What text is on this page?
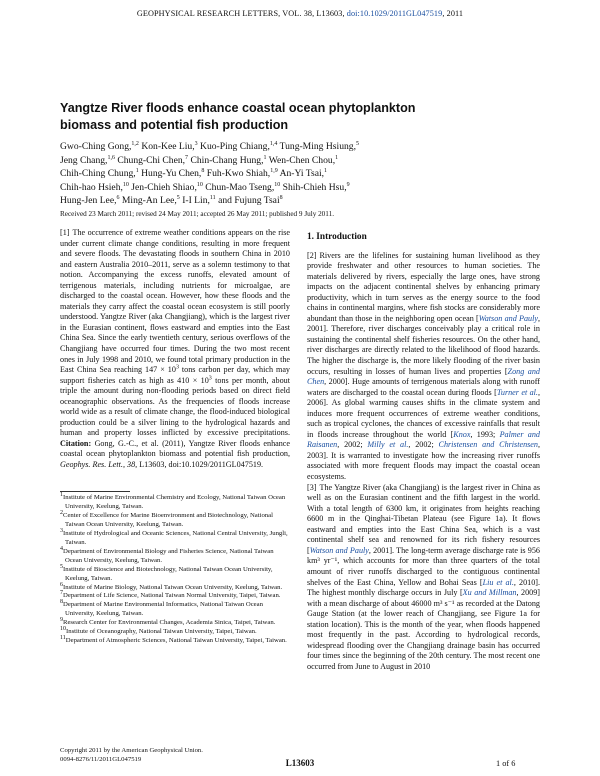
GEOPHYSICAL RESEARCH LETTERS, VOL. 38, L13603, doi:10.1029/2011GL047519, 2011
Yangtze River floods enhance coastal ocean phytoplankton
biomass and potential fish production
Gwo-Ching Gong,$^{1,2}$ Kon-Kee Liu,$^3$ Kuo-Ping Chiang,$^{1,4}$ Tung-Ming Hsiung,$^5$
Jeng Chang,$^{1,6}$ Chung-Chi Chen,$^7$ Chin-Chang Hung,$^1$ Wen-Chen Chou,$^1$
Chih-Ching Chung,$^1$ Hung-Yu Chen,$^8$ Fuh-Kwo Shiah,$^{1,9}$ An-Yi Tsai,$^1$
Chih-hao Hsieh,$^{10}$ Jen-Chieh Shiao,$^{10}$ Chun-Mao Tseng,$^{10}$ Shih-Chieh Hsu,$^9$
Hung-Jen Lee,$^6$ Ming-An Lee,$^5$ I-I Lin,$^{11}$ and Fujung Tsai$^8$
Received 23 March 2011; revised 24 May 2011; accepted 26 May 2011; published 9 July 2011.

[1] The occurrence of extreme weather conditions appears on the rise under current climate change conditions, resulting in more frequent and severe floods. The devastating floods in southern China in 2010 and eastern Australia 2010–2011, serve as a solemn testimony to that notion. Accompanying the excess runoffs, elevated amount of terrigenous materials, including nutrients for microalgae, are discharged to the coastal ocean. However, how these floods and the materials they carry affect the coastal ocean ecosystem is still poorly understood. Yangtze River (aka Changjiang), which is the largest river in the Eurasian continent, flows eastward and empties into the East China Sea. Since the early twentieth century, serious overflows of the Changjiang have occurred four times. During the two most recent ones in July 1998 and 2010, we found total primary production in the East China Sea reaching $147 \times 10^3$ tons carbon per day, which may support fisheries catch as high as $410 \times 10^3$ tons per month, about triple the amount during non-flooding periods based on direct field oceanographic observations. As the frequencies of floods increase world wide as a result of climate change, the flood-induced biological production could be a silver lining to the hydrological hazards and human and property losses inflicted by excessive precipitations. Citation: Gong, G.-C., et al. (2011), Yangtze River floods enhance coastal ocean phytoplankton biomass and potential fish production, Geophys. Res. Lett., 38, L13603, doi:10.1029/2011GL047519.

$^1$Institute of Marine Environmental Chemistry and Ecology, National Taiwan Ocean University, Keelung, Taiwan.
$^2$Center of Excellence for Marine Bioenvironment and Biotechnology, National Taiwan Ocean University, Keelung, Taiwan.
$^3$Institute of Hydrological and Oceanic Sciences, National Central University, Jungli, Taiwan.
$^4$Department of Environmental Biology and Fisheries Science, National Taiwan Ocean University, Keelung, Taiwan.
$^5$Institute of Bioscience and Biotechnology, National Taiwan Ocean University, Keelung, Taiwan.
$^6$Institute of Marine Biology, National Taiwan Ocean University, Keelung, Taiwan.
$^7$Department of Life Science, National Taiwan Normal University, Taipei, Taiwan.
$^8$Department of Marine Environmental Informatics, National Taiwan Ocean University, Keelung, Taiwan.
$^9$Research Center for Environmental Changes, Academia Sinica, Taipei, Taiwan.
$^{10}$Institute of Oceanography, National Taiwan University, Taipei, Taiwan.
$^{11}$Department of Atmospheric Sciences, National Taiwan University, Taipei, Taiwan.
Copyright 2011 by the American Geophysical Union.
0094-8276/11/2011GL047519
1. Introduction

[2] Rivers are the lifelines for sustaining human livelihood as they provide freshwater and other resources to human societies. The materials delivered by rivers, especially the large ones, have strong impacts on the adjacent continental shelves by enhancing primary productivity, which in turn serves as the energy source to the food chains in continental margins, where fish stocks are considerably more abundant than those in the neighboring open ocean [Watson and Pauly, 2001]. Therefore, river discharges conceivably play a critical role in sustaining the continental shelf fisheries resources. On the other hand, river discharges are directly related to the likelihood of flood hazards. The higher the discharge is, the more likely flooding of the river basin occurs, resulting in losses of human lives and properties [Zong and Chen, 2000]. Huge amounts of terrigenous materials along with runoff waters are discharged to the coastal ocean during floods [Turner et al., 2006]. As global warming causes shifts in the climate system and induces more frequent occurrences of extreme weather conditions, such as tropical cyclones, the chances of excessive rainfalls that result in floods increase throughout the world [Knox, 1993; Palmer and Raisanen, 2002; Milly et al., 2002; Christensen and Christensen, 2003]. It is warranted to investigate how the increasing river runoffs associated with more frequent floods may impact the coastal ocean ecosystems.

[3] The Yangtze River (aka Changjiang) is the largest river in China as well as on the Eurasian continent and the fifth largest in the world. With a total length of 6300 km, it originates from heights reaching 6600 m in the Qinghai-Tibetan Plateau (see Figure 1a). It flows eastward and empties into the East China Sea, which is a vast continental shelf sea and renowned for its rich fishery resources [Watson and Pauly, 2001]. The long-term average discharge rate is 956 km³ yr⁻¹, which accounts for more than three quarters of the total amount of river runoffs discharged to the contiguous continental shelves of the East China, Yellow and Bohai Seas [Liu et al., 2010]. The highest monthly discharge occurs in July [Xu and Millman, 2009] with a mean discharge of about 46000 m³ s⁻¹ as recorded at the Datong Gauge Station (at the lower reach of Changjiang, see Figure 1a for station location). This is the month of the year, when floods happened most frequently in the past. According to hydrological records, widespread flooding over the Changjiang drainage basin has occurred four times since the beginning of the 20th century. The most recent one occurred from June to August in 2010

L13603	1 of 6
